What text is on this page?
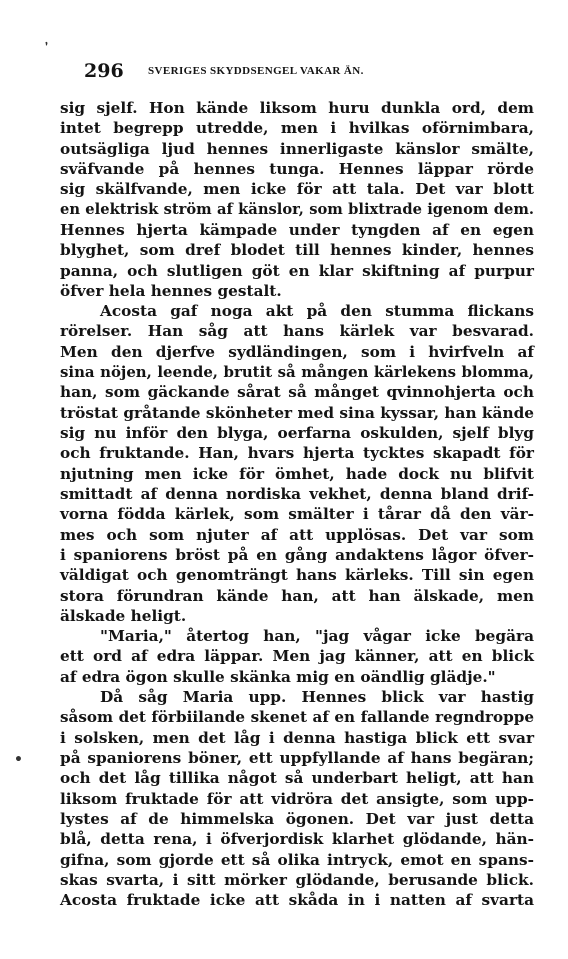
,
•
296 SVERIGES SKYDDSENGEL VAKAR ÄN.
sig sjelf. Hon kände liksom huru dunkla ord, dem
intet begrepp utredde, men i hvilkas oförnimbara,
outsägliga ljud hennes innerligaste känslor smälte,
sväfvande på hennes tunga. Hennes läppar rörde
sig skälfvande, men icke för att tala. Det var blott
en elektrisk ström af känslor, som blixtrade igenom dem.
Hennes hjerta kämpade under tyngden af en egen
blyghet, som dref blodet till hennes kinder, hennes
panna, och slutligen göt en klar skiftning af purpur
öfver hela hennes gestalt.
Acosta gaf noga akt på den stumma flickans
rörelser. Han såg att hans kärlek var besvarad.
Men den djerfve sydländingen, som i hvirfveln af
sina nöjen, leende, brutit så mången kärlekens blomma,
han, som gäckande sårat så månget qvinnohjerta och
tröstat gråtande skönheter med sina kyssar, han kände
sig nu inför den blyga, oerfarna oskulden, sjelf blyg
och fruktande. Han, hvars hjerta tycktes skapadt för
njutning men icke för ömhet, hade dock nu blifvit
smittadt af denna nordiska vekhet, denna bland drif-
vorna födda kärlek, som smälter i tårar då den vär-
mes och som njuter af att upplösas. Det var som
i spaniorens bröst på en gång andaktens lågor öfver-
väldigat och genomträngt hans kärleks. Till sin egen
stora förundran kände han, att han älskade, men
älskade heligt.
"Maria," återtog han, "jag vågar icke begära
ett ord af edra läppar. Men jag känner, att en blick
af edra ögon skulle skänka mig en oändlig glädje."
Då såg Maria upp. Hennes blick var hastig
såsom det förbiilande skenet af en fallande regndroppe
i solsken, men det låg i denna hastiga blick ett svar
på spaniorens böner, ett uppfyllande af hans begäran;
och det låg tillika något så underbart heligt, att han
liksom fruktade för att vidröra det ansigte, som upp-
lystes af de himmelska ögonen. Det var just detta
blå, detta rena, i öfverjordisk klarhet glödande, hän-
gifna, som gjorde ett så olika intryck, emot en spans-
skas svarta, i sitt mörker glödande, berusande blick.
Acosta fruktade icke att skåda in i natten af svarta
